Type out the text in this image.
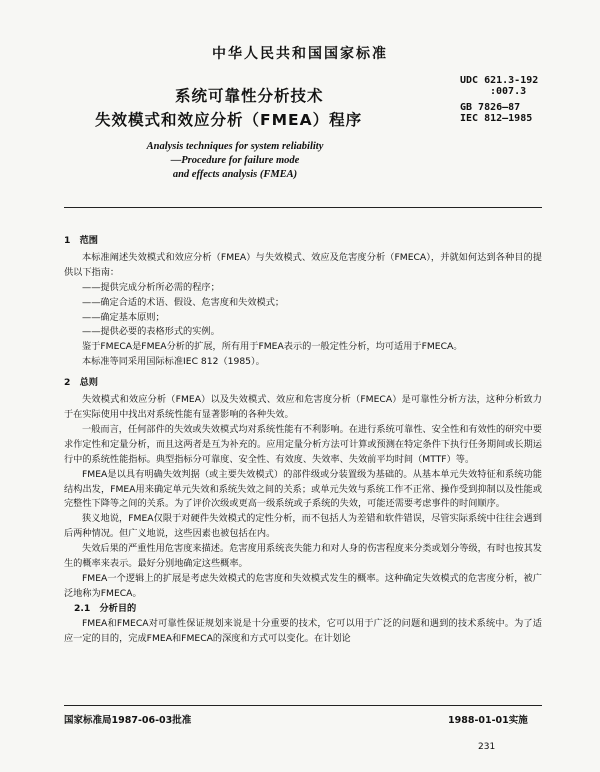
中华人民共和国国家标准
系统可靠性分析技术
失效模式和效应分析（FMEA）程序
UDC 621.3-192
:007.3
GB 7826—87
IEC 812—1985
Analysis techniques for system reliability
—Procedure for failure mode
and effects analysis (FMEA)

1　范围

本标准阐述失效模式和效应分析（FMEA）与失效模式、效应及危害度分析（FMECA），并就如何达到各种目的提供以下指南：

——提供完成分析所必需的程序；

——确定合适的术语、假设、危害度和失效模式；

——确定基本原则；

——提供必要的表格形式的实例。

鉴于FMECA是FMEA分析的扩展，所有用于FMEA表示的一般定性分析，均可适用于FMECA。

本标准等同采用国际标准IEC 812（1985）。

2　总则

失效模式和效应分析（FMEA）以及失效模式、效应和危害度分析（FMECA）是可靠性分析方法，这种分析致力于在实际使用中找出对系统性能有显著影响的各种失效。

一般而言，任何部件的失效或失效模式均对系统性能有不利影响。在进行系统可靠性、安全性和有效性的研究中要求作定性和定量分析，而且这两者是互为补充的。应用定量分析方法可计算或预测在特定条件下执行任务期间或长期运行中的系统性能指标。典型指标分可靠度、安全性、有效度、失效率、失效前平均时间（MTTF）等。

FMEA是以具有明确失效判据（或主要失效模式）的部件级或分装置级为基础的。从基本单元失效特征和系统功能结构出发，FMEA用来确定单元失效和系统失效之间的关系；或单元失效与系统工作不正常、操作受到抑制以及性能或完整性下降等之间的关系。为了评价次级或更高一级系统或子系统的失效，可能还需要考虑事件的时间顺序。

狭义地说，FMEA仅限于对硬件失效模式的定性分析，而不包括人为差错和软件错误，尽管实际系统中往往会遇到后两种情况。但广义地说，这些因素也被包括在内。

失效后果的严重性用危害度来描述。危害度用系统丧失能力和对人身的伤害程度来分类或划分等级，有时也按其发生的概率来表示。最好分别地确定这些概率。

FMEA一个逻辑上的扩展是考虑失效模式的危害度和失效模式发生的概率。这种确定失效模式的危害度分析，被广泛地称为FMECA。

2.1　分析目的

FMEA和FMECA对可靠性保证规划来说是十分重要的技术，它可以用于广泛的问题和遇到的技术系统中。为了适应一定的目的，完成FMEA和FMECA的深度和方式可以变化。在计划论

国家标准局1987-06-03批准	1988-01-01实施
231
